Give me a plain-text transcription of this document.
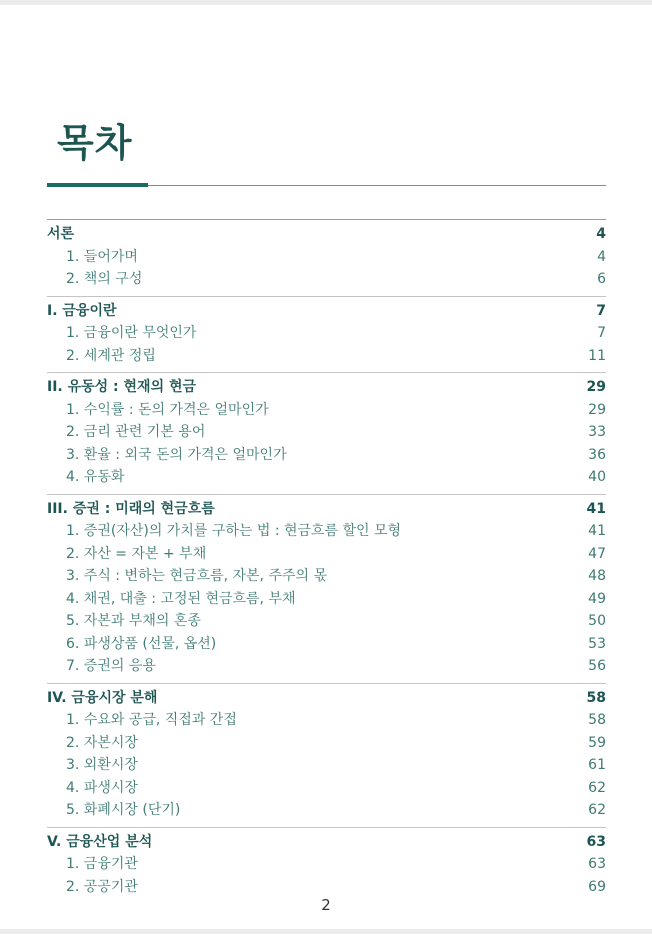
목차
서론	4
1. 들어가며	4
2. 책의 구성	6
I. 금융이란	7
1. 금융이란 무엇인가	7
2. 세계관 정립	11
II. 유동성 : 현재의 현금	29
1. 수익률 : 돈의 가격은 얼마인가	29
2. 금리 관련 기본 용어	33
3. 환율 : 외국 돈의 가격은 얼마인가	36
4. 유동화	40
III. 증권 : 미래의 현금흐름	41
1. 증권(자산)의 가치를 구하는 법 : 현금흐름 할인 모형	41
2. 자산 = 자본 + 부채	47
3. 주식 : 변하는 현금흐름, 자본, 주주의 몫	48
4. 채권, 대출 : 고정된 현금흐름, 부채	49
5. 자본과 부채의 혼종	50
6. 파생상품 (선물, 옵션)	53
7. 증권의 응용	56
IV. 금융시장 분해	58
1. 수요와 공급, 직접과 간접	58
2. 자본시장	59
3. 외환시장	61
4. 파생시장	62
5. 화폐시장 (단기)	62
V. 금융산업 분석	63
1. 금융기관	63
2. 공공기관	69
2
